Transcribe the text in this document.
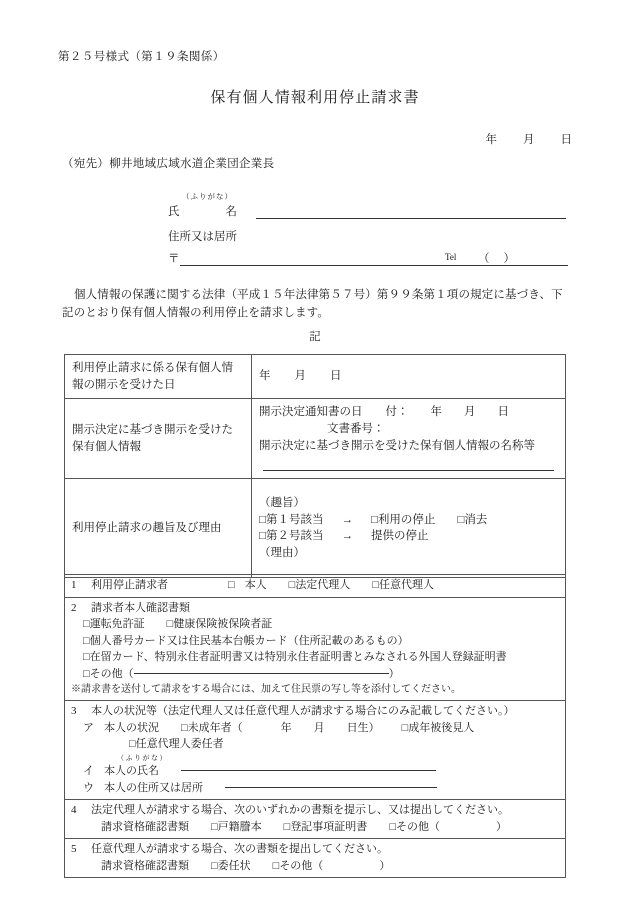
第２５号様式（第１９条関係）
保有個人情報利用停止請求書
年 月 日
（宛先）柳井地域広域水道企業団企業長
（ふりがな）
氏　　　　名
住所又は居所
〒	Tel （）
個人情報の保護に関する法律（平成１５年法律第５７号）第９９条第１項の規定に基づき、下記のとおり保有個人情報の利用停止を請求します。
記
利用停止請求に係る保有個人情報の開示を受けた日	年 月 日
開示決定に基づき開示を受けた保有個人情報	開示決定通知書の日　　付： 年 月 日
文書番号：
開示決定に基づき開示を受けた保有個人情報の名称等

利用停止請求の趣旨及び理由	（趣旨）
□第１号該当 → □利用の停止 □消去
□第２号該当 → 提供の停止
（理由）
1 利用停止請求者	□ 本人 □法定代理人 □任意代理人

2 請求者本人確認書類
□運転免許証 □健康保険被保険者証
□個人番号カード又は住民基本台帳カード（住所記載のあるもの）
□在留カード、特別永住者証明書又は特別永住者証明書とみなされる外国人登録証明書
□その他（	）
※請求書を送付して請求をする場合には、加えて住民票の写し等を添付してください。

3 本人の状況等（法定代理人又は任意代理人が請求する場合にのみ記載してください。）
ア 本人の状況 □未成年者（	年 月 日生） □成年被後見人
□任意代理人委任者
（ふりがな）
イ 本人の氏名
ウ 本人の住所又は居所

4 法定代理人が請求する場合、次のいずれかの書類を提示し、又は提出してください。
請求資格確認書類 □戸籍謄本 □登記事項証明書 □その他（	）

5 任意代理人が請求する場合、次の書類を提出してください。
請求資格確認書類 □委任状 □その他（	）
